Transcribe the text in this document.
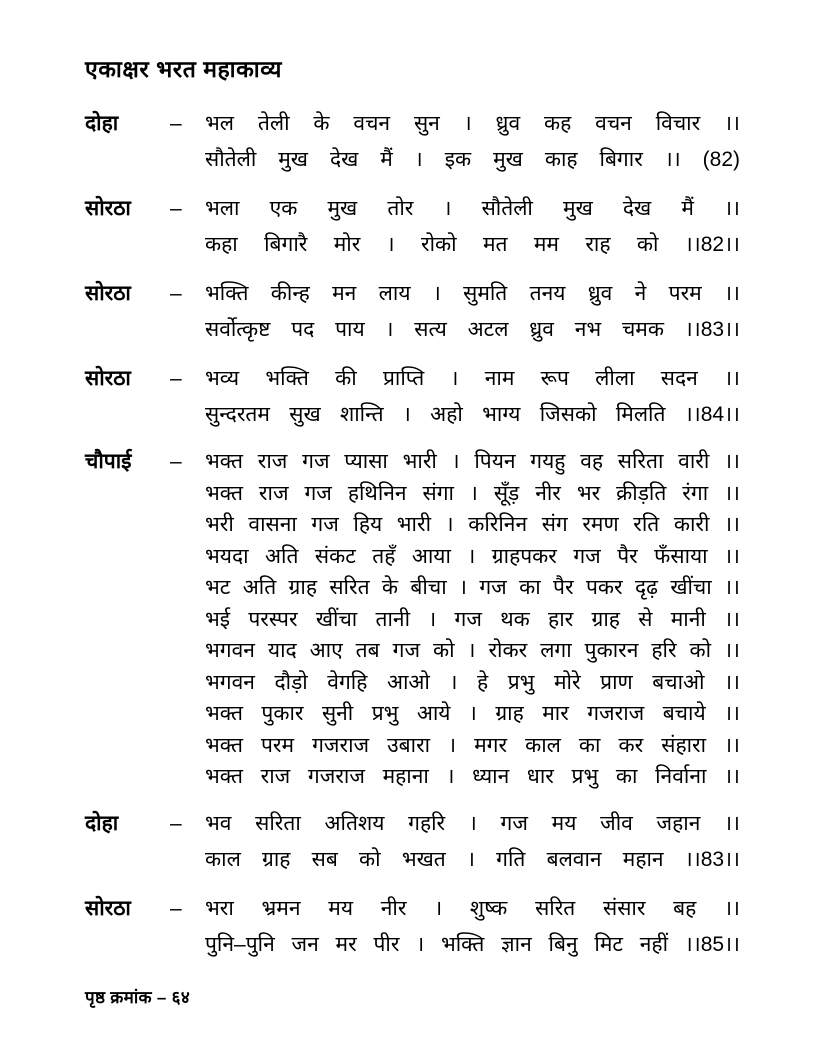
एकाक्षर भरत महाकाव्य
दोहा	–	भल तेली के वचन सुन । ध्रुव कह वचन विचार ।।
सौतेली मुख देख मैं । इक मुख काह बिगार ।। (82)
सोरठा	–	भला एक मुख तोर । सौतेली मुख देख मैं ।।
कहा बिगारै मोर । रोको मत मम राह को ।।82।।
सोरठा	–	भक्ति कीन्ह मन लाय । सुमति तनय ध्रुव ने परम ।।
सर्वोत्कृष्ट पद पाय । सत्य अटल ध्रुव नभ चमक ।।83।।
सोरठा	–	भव्य भक्ति की प्राप्ति । नाम रूप लीला सदन ।।
सुन्दरतम सुख शान्ति । अहो भाग्य जिसको मिलति ।।84।।
चौपाई	–	भक्त राज गज प्यासा भारी । पियन गयहु वह सरिता वारी ।।
भक्त राज गज हथिनिन संगा । सूँड़ नीर भर क्रीड़ति रंगा ।।
भरी वासना गज हिय भारी । करिनिन संग रमण रति कारी ।।
भयदा अति संकट तहँ आया । ग्राहपकर गज पैर फँसाया ।।
भट अति ग्राह सरित के बीचा । गज का पैर पकर दृढ़ खींचा ।।
भई परस्पर खींचा तानी । गज थक हार ग्राह से मानी ।।
भगवन याद आए तब गज को । रोकर लगा पुकारन हरि को ।।
भगवन दौड़ो वेगहि आओ । हे प्रभु मोरे प्राण बचाओ ।।
भक्त पुकार सुनी प्रभु आये । ग्राह मार गजराज बचाये ।।
भक्त परम गजराज उबारा । मगर काल का कर संहारा ।।
भक्त राज गजराज महाना । ध्यान धार प्रभु का निर्वाना ।।
दोहा	–	भव सरिता अतिशय गहरि । गज मय जीव जहान ।।
काल ग्राह सब को भखत । गति बलवान महान ।।83।।
सोरठा	–	भरा भ्रमन मय नीर । शुष्क सरित संसार बह ।।
पुनि–पुनि जन मर पीर । भक्ति ज्ञान बिनु मिट नहीं ।।85।।
पृष्ठ क्रमांक – ६४
